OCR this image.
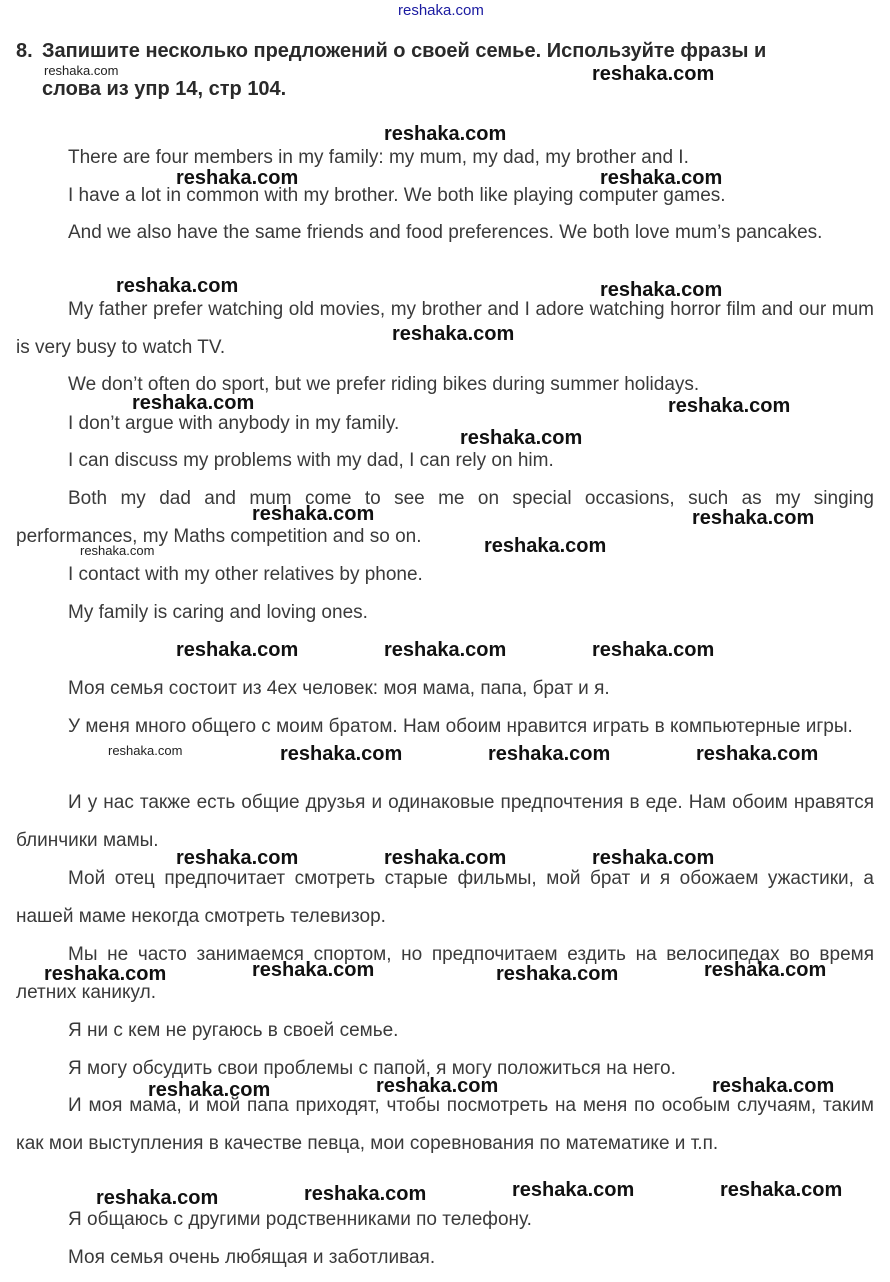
reshaka.com
8. Запишите несколько предложений о своей семье. Используйте фразы и
слова из упр 14, стр 104.

There are four members in my family: my mum, my dad, my brother and I.

I have a lot in common with my brother. We both like playing computer games.

And we also have the same friends and food preferences. We both love mum’s pancakes.

My father prefer watching old movies, my brother and I adore watching horror film and our mum is very busy to watch TV.

We don’t often do sport, but we prefer riding bikes during summer holidays.

I don’t argue with anybody in my family.

I can discuss my problems with my dad, I can rely on him.

Both my dad and mum come to see me on special occasions, such as my singing performances, my Maths competition and so on.

I contact with my other relatives by phone.

My family is caring and loving ones.

Моя семья состоит из 4ех человек: моя мама, папа, брат и я.

У меня много общего с моим братом. Нам обоим нравится играть в компьютерные игры.

И у нас также есть общие друзья и одинаковые предпочтения в еде. Нам обоим нравятся блинчики мамы.

Мой отец предпочитает смотреть старые фильмы, мой брат и я обожаем ужастики, а нашей маме некогда смотреть телевизор.

Мы не часто занимаемся спортом, но предпочитаем ездить на велосипедах во время летних каникул.

Я ни с кем не ругаюсь в своей семье.

Я могу обсудить свои проблемы с папой, я могу положиться на него.

И моя мама, и мой папа приходят, чтобы посмотреть на меня по особым случаям, таким как мои выступления в качестве певца, мои соревнования по математике и т.п.

Я общаюсь с другими родственниками по телефону.

Моя семья очень любящая и заботливая.

reshaka.com	reshaka.com
reshaka.com
reshaka.com	reshaka.com
reshaka.com	reshaka.com
reshaka.com
reshaka.com	reshaka.com
reshaka.com
reshaka.com	reshaka.com
reshaka.com
reshaka.com
reshaka.com	reshaka.com	reshaka.com
reshaka.com	reshaka.com	reshaka.com	reshaka.com
reshaka.com	reshaka.com	reshaka.com
reshaka.com	reshaka.com	reshaka.com	reshaka.com
reshaka.com	reshaka.com	reshaka.com
reshaka.com	reshaka.com	reshaka.com	reshaka.com
